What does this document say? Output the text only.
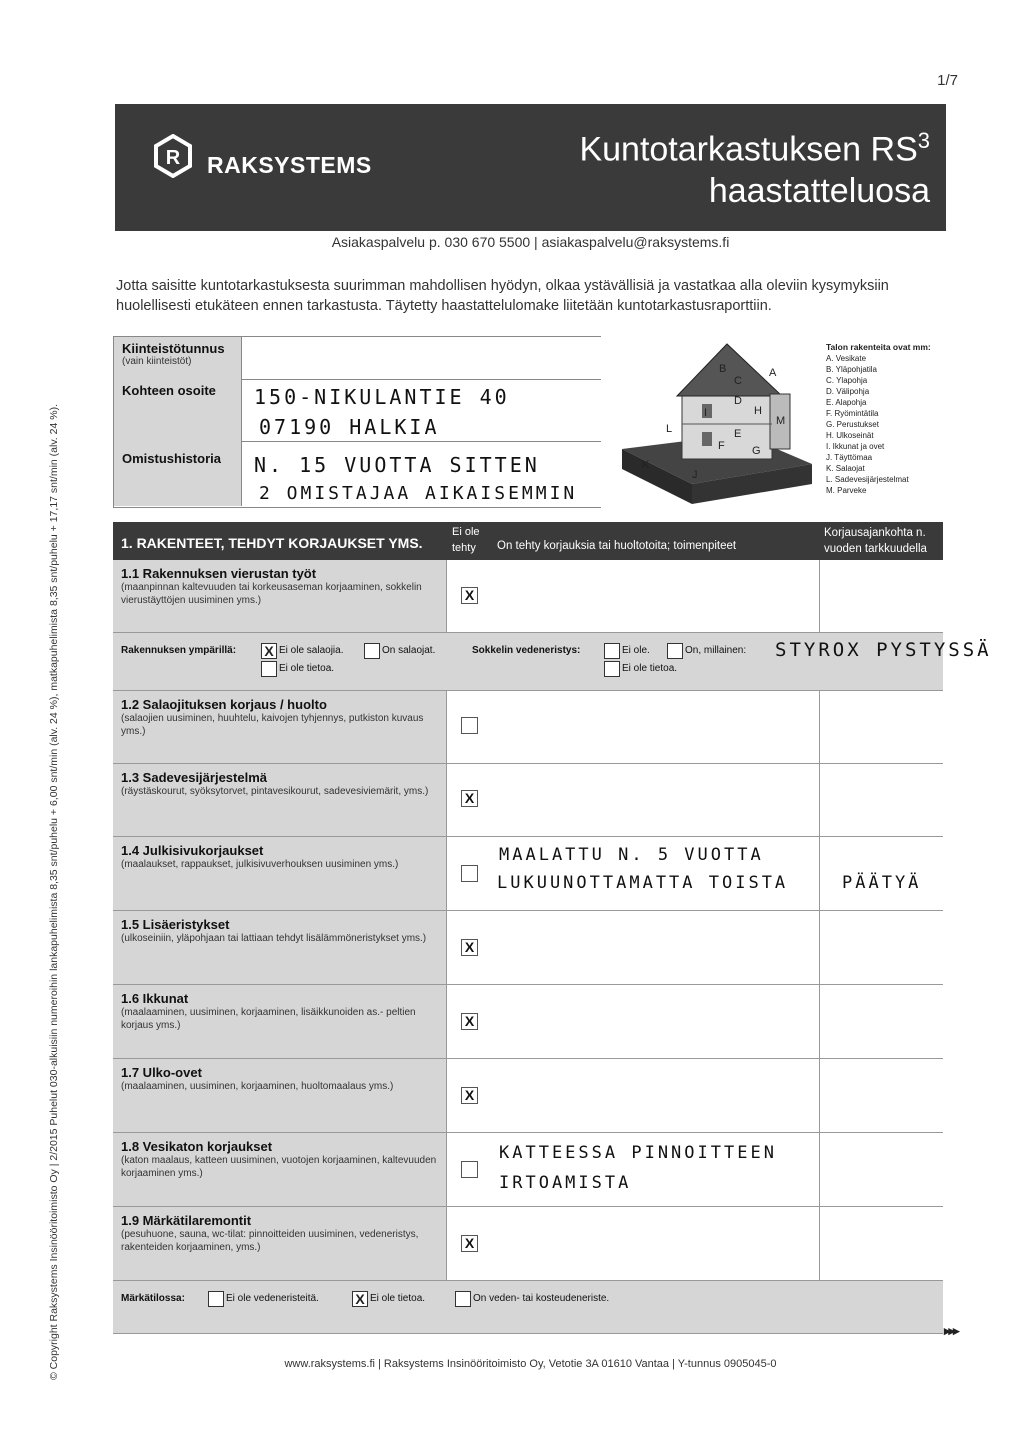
1/7
R RAKSYSTEMS	Kuntotarkastuksen $RS^3$
haastatteluosa
Asiakaspalvelu p. 030 670 5500 | asiakaspalvelu@raksystems.fi
Jotta saisitte kuntotarkastuksesta suurimman mahdollisen hyödyn, olkaa ystävällisiä ja vastatkaa alla oleviin kysymyksiin huolellisesti etukäteen ennen tarkastusta. Täytetty haastattelulomake liitetään kuntotarkastusraporttiin.
Kiinteistötunnus
(vain kiinteistöt)
Kohteen osoite	150-NIKULANTIE 40
07190 HALKIA
Omistushistoria	N. 15 VUOTTA SITTEN
2 OMISTAJAA AIKAISEMMIN
A
B
C
D
E
F G
H
I
J
K
L
M
Talon rakenteita ovat mm:
A. Vesikate
B. Yläpohjatila
C. Ylapohja
D. Välipohja
E. Alapohja
F. Ryömintätila
G. Perustukset
H. Ulkoseinät
I. Ikkunat ja ovet
J. Täyttömaa
K. Salaojat
L. Sadevesijärjestelmat
M. Parveke
1. RAKENTEET, TEHDYT KORJAUKSET YMS.
Ei ole tehty	On tehty korjauksia tai huoltotoita; toimenpiteet
Korjausajankohta n. vuoden tarkkuudella
1.1 Rakennuksen vierustan työt
(maanpinnan kaltevuuden tai korkeusaseman korjaaminen, sokkelin vierustäyttöjen uusiminen yms.)	X
Rakennuksen ympärillä: X Ei ole salaojia.	On salaojat.
Ei ole tietoa.
Sokkelin vedeneristys:	Ei ole.	On, millainen:
Ei ole tietoa.
STYROX PYSTYSSÄ
1.2 Salaojituksen korjaus / huolto
(salaojien uusiminen, huuhtelu, kaivojen tyhjennys, putkiston kuvaus yms.)
1.3 Sadevesijärjestelmä
(räystäskourut, syöksytorvet, pintavesikourut, sadevesiviemärit, yms.)	X
1.4 Julkisivukorjaukset
(maalaukset, rappaukset, julkisivuverhouksen uusiminen yms.)	MAALATTU N. 5 VUOTTA
LUKUUNOTTAMATTA TOISTA	PÄÄTYÄ
1.5 Lisäeristykset
(ulkoseiniin, yläpohjaan tai lattiaan tehdyt lisälämmöneristykset yms.)
X
1.6 Ikkunat
(maalaaminen, uusiminen, korjaaminen, lisäikkunoiden as.- peltien korjaus yms.)	X
1.7 Ulko-ovet
(maalaaminen, uusiminen, korjaaminen, huoltomaalaus yms.)
X
1.8 Vesikaton korjaukset
(katon maalaus, katteen uusiminen, vuotojen korjaaminen, kaltevuuden korjaaminen yms.)
KATTEESSA PINNOITTEEN
IRTOAMISTA
1.9 Märkätilaremontit
(pesuhuone, sauna, wc-tilat: pinnoitteiden uusiminen, vedeneristys, rakenteiden korjaaminen, yms.)	X
Märkätilossa:	Ei ole vedeneristeitä.	X Ei ole tietoa.	On veden- tai kosteudeneriste.
▸▸▸
www.raksystems.fi | Raksystems Insinööritoimisto Oy, Vetotie 3A 01610 Vantaa | Y-tunnus 0905045-0
© Copyright Raksystems Insinööritoimisto Oy | 2/2015 Puhelut 030-alkuisiin numeroihin lankapuhelimista 8,35 snt/puhelu + 6,00 snt/min (alv. 24 %), matkapuhelimista 8,35 snt/puhelu + 17,17 snt/min (alv. 24 %).
